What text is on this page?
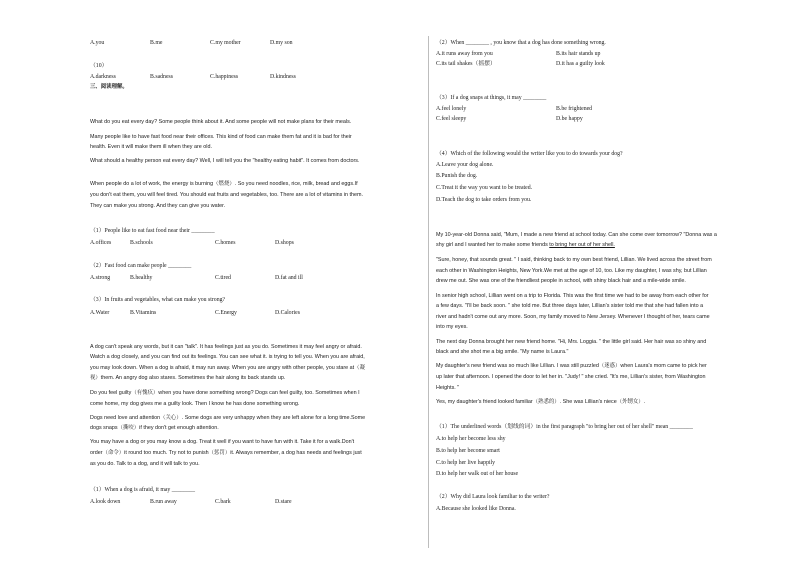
A.you	B.me	C.my mother	D.my son
（10）
A.darkness	B.sadness	C.happiness	D.kindness
三、阅读理解。
What do you eat every day? Some people think about it. And some people will not make plans for their meals.
Many people like to have fast food near their offices. This kind of food can make them fat and it is bad for their
health. Even it will make them ill when they are old.
What should a healthy person eat every day? Well, I will tell you the "healthy eating habit". It comes from doctors.
When people do a lot of work, the energy is burning（燃烧）. So you need noodles, rice, milk, bread and eggs.If
you don't eat them, you will feel tired. You should eat fruits and vegetables, too. There are a lot of vitamins in them.
They can make you strong. And they can give you water.
（1）People like to eat fast food near their ________
A.offices	B.schools	C.homes	D.shops
（2）Fast food can make people ________
A.strong	B.healthy	C.tired	D.fat and ill
（3）In fruits and vegetables, what can make you strong?
A.Water	B.Vitamins	C.Energy	D.Calories
A dog can't speak any words, but it can "talk". It has feelings just as you do. Sometimes it may feel angry or afraid.
Watch a dog closely, and you can find out its feelings. You can see what it. is trying to tell you. When you are afraid,
you may look down. When a dog is afraid, it may run away. When you are angry with other people, you stare at（凝
视）them. An angry dog also stares. Sometimes the hair along its back stands up.
Do you feel guilty（有愧疚）when you have done something wrong? Dogs can feel guilty, too. Sometimes when I
come home, my dog gives me a guilty look. Then I know he has done something wrong.
Dogs need love and attention（关心）. Some dogs are very unhappy when they are left alone for a long time.Some
dogs snaps（撕咬）if they don't get enough attention.
You may have a dog or you may know a dog. Treat it well if you want to have fun with it. Take it for a walk.Don't
order（命令）it round too much. Try not to punish（惩罚）it. Always remember, a dog has needs and feelings just
as you do. Talk to a dog, and it will talk to you.
（1）When a dog is afraid, it may ________
A.look down	B.run away	C.bark	D.stare
（2）When ________ , you know that a dog has done something wrong.
A.it runs away from you	B.its hair stands up
C.its tail shakes（摇摆）	D.it has a guilty look
（3）If a dog snaps at things, it may ________
A.feel lonely	B.be frightened
C.feel sleepy	D.be happy
（4）Which of the following would the writer like you to do towards your dog?
A.Leave your dog alone.
B.Punish the dog.
C.Treat it the way you want to be treated.
D.Teach the dog to take orders from you.
My 10-year-old Donna said, "Mum, I made a new friend at school today. Can she come over tomorrow? "Donna was a
shy girl and I wanted her to make some friends to bring her out of her shell.
"Sure, honey, that sounds great. " I said, thinking back to my own best friend, Lillian. We lived across the street from
each other in Washington Heights, New York.We met at the age of 10, too. Like my daughter, I was shy, but Lillian
drew me out. She was one of the friendliest people in school, with shiny black hair and a mile-wide smile.
In senior high school, Lillian went on a trip to Florida. This was the first time we had to be away from each other for
a few days. "I'll be back soon. " she told me. But three days later, Lillian's sister told me that she had fallen into a
river and hadn't come out any more. Soon, my family moved to New Jersey. Whenever I thought of her, tears came
into my eyes.
The next day Donna brought her new friend home. "Hi, Mrs. Loggia. " the little girl said. Her hair was so shiny and
black and she shot me a big smile. "My name is Laura."
My daughter's new friend was so much like Lillian. I was still puzzled（迷惑）when Laura's mom came to pick her
up later that afternoon. I opened the door to let her in. "Judy! " she cried. "It's me, Lillian's sister, from Washington
Heights. "
Yes, my daughter's friend looked familiar（熟悉的）. She was Lillian's niece（外甥女）.
（1）The underlined words（划线的词）in the first paragraph "to bring her out of her shell" mean ________
A.to help her become less shy
B.to help her become smart
C.to help her live happily
D.to help her walk out of her house
（2）Why did Laura look familiar to the writer?
A.Because she looked like Donna.
